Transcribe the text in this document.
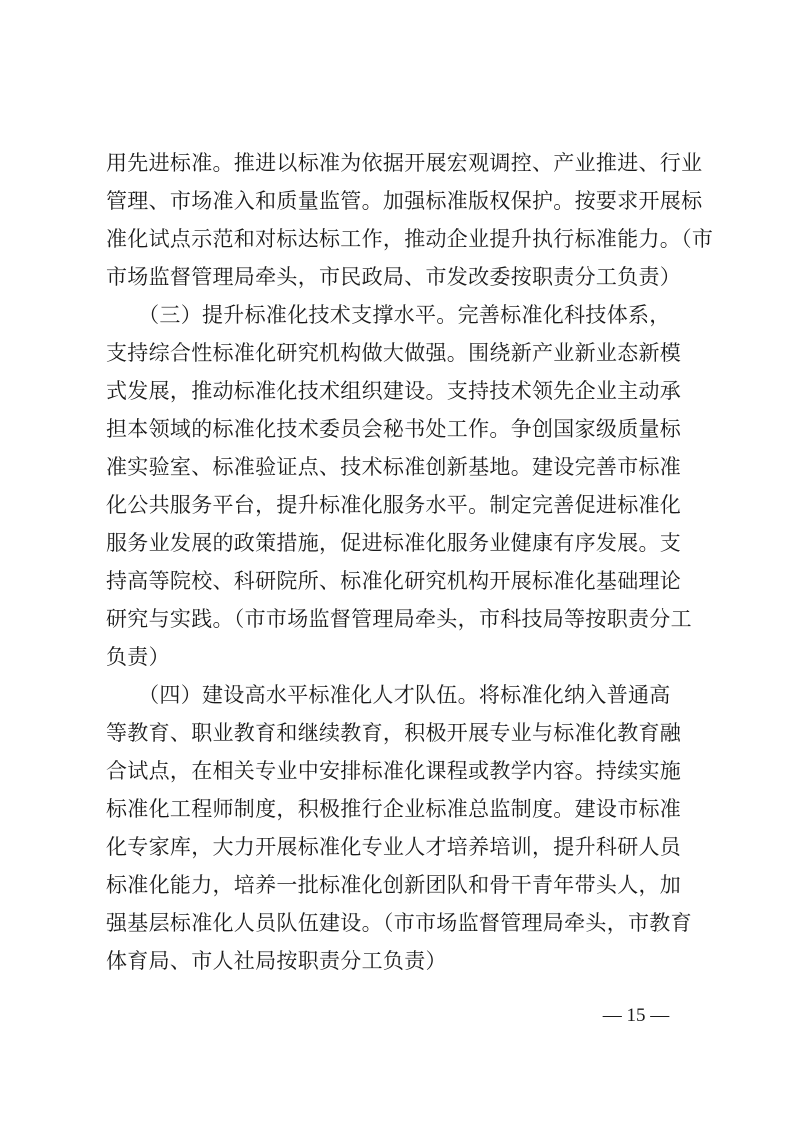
用先进标准。推进以标准为依据开展宏观调控、产业推进、行业
管理、市场准入和质量监管。加强标准版权保护。按要求开展标
准化试点示范和对标达标工作，推动企业提升执行标准能力。（市
市场监督管理局牵头，市民政局、市发改委按职责分工负责）
　　（三）提升标准化技术支撑水平。完善标准化科技体系，
支持综合性标准化研究机构做大做强。围绕新产业新业态新模
式发展，推动标准化技术组织建设。支持技术领先企业主动承
担本领域的标准化技术委员会秘书处工作。争创国家级质量标
准实验室、标准验证点、技术标准创新基地。建设完善市标准
化公共服务平台，提升标准化服务水平。制定完善促进标准化
服务业发展的政策措施，促进标准化服务业健康有序发展。支
持高等院校、科研院所、标准化研究机构开展标准化基础理论
研究与实践。（市市场监督管理局牵头，市科技局等按职责分工
负责）
　　（四）建设高水平标准化人才队伍。将标准化纳入普通高
等教育、职业教育和继续教育，积极开展专业与标准化教育融
合试点，在相关专业中安排标准化课程或教学内容。持续实施
标准化工程师制度，积极推行企业标准总监制度。建设市标准
化专家库，大力开展标准化专业人才培养培训，提升科研人员
标准化能力，培养一批标准化创新团队和骨干青年带头人，加
强基层标准化人员队伍建设。（市市场监督管理局牵头，市教育
体育局、市人社局按职责分工负责）
— 15 —
